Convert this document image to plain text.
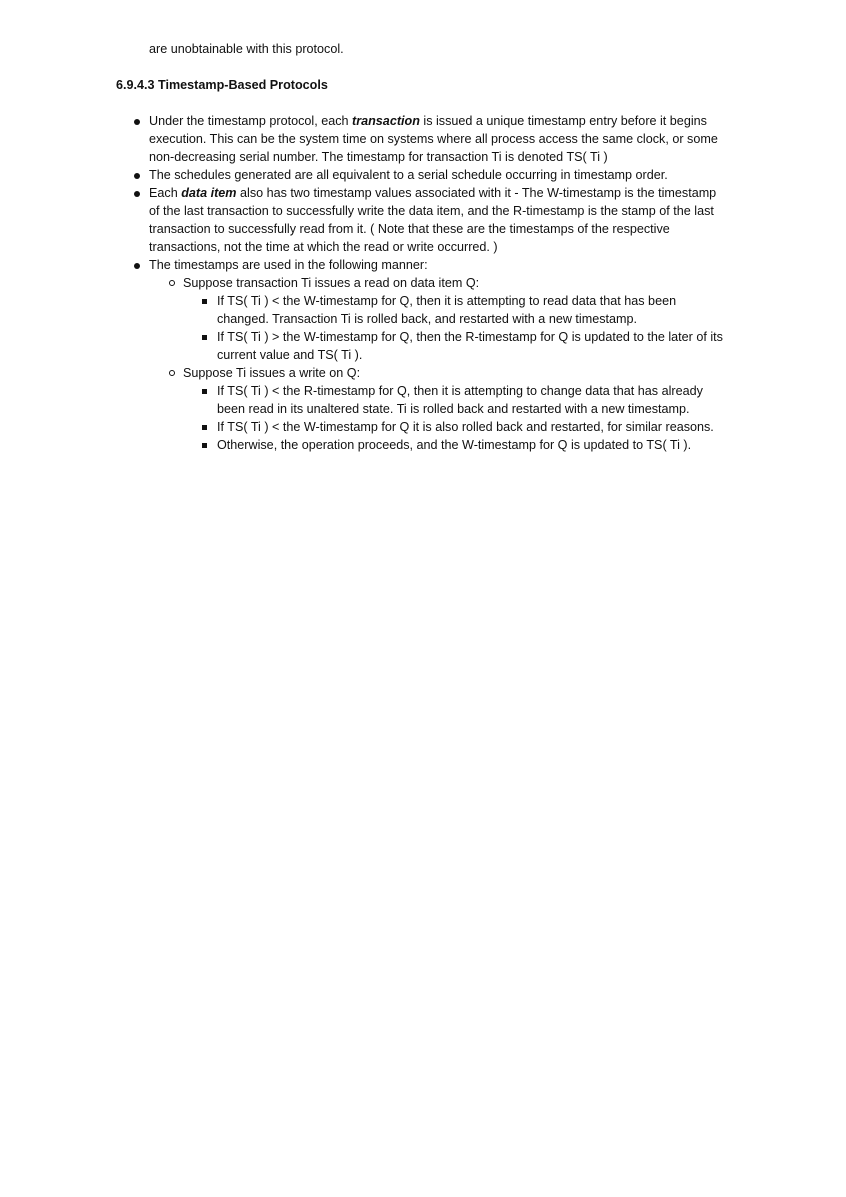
are unobtainable with this protocol.

6.9.4.3 Timestamp-Based Protocols
Under the timestamp protocol, each transaction is issued a unique timestamp entry before it begins execution. This can be the system time on systems where all process access the same clock, or some non-decreasing serial number. The timestamp for transaction Ti is denoted TS( Ti )
The schedules generated are all equivalent to a serial schedule occurring in timestamp order.
Each data item also has two timestamp values associated with it - The W-timestamp is the timestamp of the last transaction to successfully write the data item, and the R-timestamp is the stamp of the last transaction to successfully read from it. ( Note that these are the timestamps of the respective transactions, not the time at which the read or write occurred. )
The timestamps are used in the following manner:
Suppose transaction Ti issues a read on data item Q:
If TS( Ti ) < the W-timestamp for Q, then it is attempting to read data that has been changed. Transaction Ti is rolled back, and restarted with a new timestamp.
If TS( Ti ) > the W-timestamp for Q, then the R-timestamp for Q is updated to the later of its current value and TS( Ti ).
Suppose Ti issues a write on Q:
If TS( Ti ) < the R-timestamp for Q, then it is attempting to change data that has already been read in its unaltered state. Ti is rolled back and restarted with a new timestamp.
If TS( Ti ) < the W-timestamp for Q it is also rolled back and restarted, for similar reasons.
Otherwise, the operation proceeds, and the W-timestamp for Q is updated to TS( Ti ).
